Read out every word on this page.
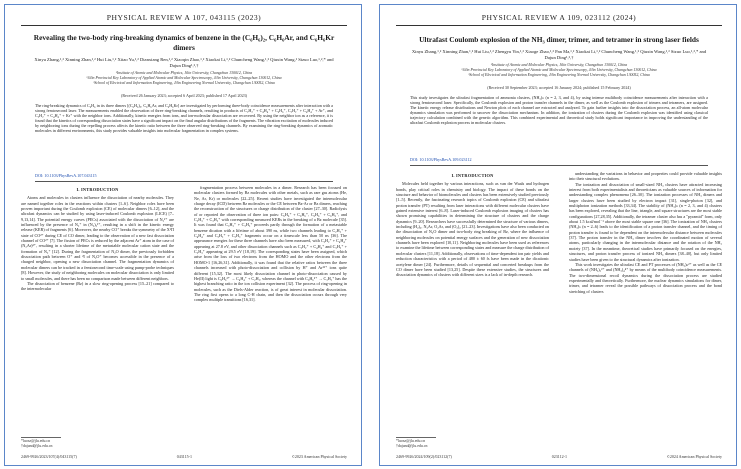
PHYSICAL REVIEW A 107, 043115 (2023)
Revealing the two-body ring-breaking dynamics of benzene in the (C₆H₆)₂, C₆H₆Ar, and C₆H₆Kr dimers
Xinyu Zhang,¹,² Xinning Zhan,¹,² Hui Liu,¹,² Xitao Yu,¹,² Dianxiang Ren,¹,² Xiaoqin Zhao,¹,² Xiaokai Li,¹,² Chuncheng Wang,¹,² Qiuxin Wang,¹ Sizuo Luo,¹,²,* and Dajun Ding¹,²,†
¹Institute of Atomic and Molecular Physics, Jilin University, Changchun 130012, China
²Jilin Provincial Key Laboratory of Applied Atomic and Molecular Spectroscopy, Jilin University, Changchun 130012, China
³School of Electrical and Information Engineering, Jilin Engineering Normal University, Changchun 130052, China
(Received 26 January 2023; accepted 6 April 2023; published 17 April 2023)
The ring-breaking dynamics of C₆H₆ in its three dimers [(C₆H₆)₂, C₆H₆Ar, and C₆H₆Kr] are investigated by performing three-body coincidence measurements after interaction with a strong femtosecond laser. The measurements enabled the observation of three ring-breaking channels, resulting in products of C₂H₂⁺ + C₄H₄⁺ + C₆H₆⁺, C₂H₂⁺ + C₄H₄⁺ + Ar⁺, and C₂H₂⁺ + C₄H₄⁺ + Kr⁺ with the neighbor ions. Additionally, kinetic energies from ions, and ion-molecular dissociation are recovered. By using the neighbor ion as a reference, it is found that the kinetics of corresponding dissociation states have a significant impact on the final angular distributions of the fragments. The vibration excitation of molecules induced by neighboring ions during the repelling process affects the kinetic ratio between the three observed ring-breaking channels. By examining the ring-breaking dynamics of aromatic molecules in different environments, this study provides valuable insights into molecular fragmentation in complex systems.
DOI: 10.1103/PhysRevA.107.043115
I. INTRODUCTION

Atoms and molecules in clusters influence the dissociation of nearby molecules. They are named together roles in the reactions within clusters [1–6]. Neighbor roles have been proven important during the Coulomb explosion (CE) of molecular dimers [6–12], and the ultrafast dynamics can be studied by using laser-induced Coulomb explosion (LICE) [7–9,13,14]. The potential energy curves (PECs) associated with the dissociation of N₂²⁺ are influenced by the presence of N₂⁺ in (N₂)₂³⁺, resulting in a shift in the kinetic energy release (KER) of fragments [6]. Moreover, the nearby CO⁺ breaks the symmetry of the X¹Π state of CO²⁺ during CE of CO dimer, leading to the observation of a new fast dissociation channel of CO²⁺ [7]. The fission of PECs is reduced by the adjacent Ar⁺ atom in the case of (N₂Ar)²⁺, resulting in a shorter lifetime of the metastable molecular cation state and the formation of N₂⁺ [12]. During the fragmentation of N₂O dimer, the previously forbidden dissociation path between O⁺ and ²I of N₂O⁺ becomes accessible in the presence of a charged neighbor, opening a new dissociation channel. The fragmentation dynamics of molecular dimers can be tracked in a femtosecond time-scale using pump-probe techniques [8]. However, the study of neighboring molecules on molecular dissociation is only limited to small molecules, and there has been no comparison made between different neighbors.

The dissociation of benzene (Bz) in a slow ring-opening process [15–21] compared to the intermolecular

*luosz@jlu.edu.cn
†dajund@jlu.edu.cn

fragmentation process between molecules in a dimer. Research has been focused on molecular clusters formed by Bz molecules with other metals, such as rare gas atoms (He, Ne, Ar, Kr) or molecules [22–25]. Recent studies have investigated the intermolecular charge decay (ICD) between Bz molecules or the CE between Bz-Ar or Bz dimers, reaching the reconstruction of the structures or charge distribution of the cluster [27–30]. Radiolysis of or reported the observation of three ion pairs: C₆H₆⁺ + C₆H₆⁺, C₆H₆⁺ + C₆H₆⁺, and C₃H₃⁺ + C₃H₃⁺ with corresponding measured KERs in the breaking of a Bz molecule [35]. It was found that C₃H₃⁺ + C₃H₃⁺ proceeds partly through the formation of a metastable benzene dication with a lifetime of about 390 ns, while two channels leading to C₂H₂⁺ + C₄H₄⁺ and C₃H₃⁺ + C₃H₃⁺ fragments occur on a timescale less than 50 ns [36]. The appearance energies for these three channels have also been measured, with C₂H₂⁺ + C₄H₄⁺ appearing at 27.8 eV, and other dissociation channels such as C₂H₂⁺ + C₄H₄⁺ and C₃H₃⁺ + C₃H₃⁺ appearing at 29.5 eV [18,19]. The corresponding states have been assigned, which arise from the loss of two electrons from the HOMO and the other electrons from the HOMO-1 [16,26,31]. Additionally, it was found that the relative ratios between the three channels increased with photo-dissociation and collision by H⁺ and Ar¹³⁺ ions quite different [15,32]. The most likely dissociation channel in photo-dissociation caused by He(II) light is C₆H₆²⁺ → C₄H₄⁺ + C₂H₂, whereas the channel with C₆H₆²⁺ → C₃H₃⁺ has the highest branching ratio in the ion collision experiment [32]. The process of ring-opening in molecules, such as the Diels-Alder reaction, is of great interest in molecular dissociation. The ring first opens to a long C-H chain, and then the dissociation occurs through very complex multiple transitions [16,31].

2469-9926/2023/107(4)/043115(7)	043115-1	©2023 American Physical Society
PHYSICAL REVIEW A 109, 023112 (2024)
Ultrafast Coulomb explosion of the NH₃ dimer, trimer, and tetramer in strong laser fields
Xinyu Zhang,¹,² Xinning Zhan,¹,² Hui Liu,¹,² Zhengyu Yin,¹,² Xiaoge Zhao,¹,² Pan Ma,¹,² Xiaokai Li,¹,² Chuncheng Wang,¹,² Qiuxin Wang,¹,³ Sizuo Luo,¹,²,* and Dajun Ding¹,²,†
¹Institute of Atomic and Molecular Physics, Jilin University, Changchun 130012, China
²Jilin Provincial Key Laboratory of Applied Atomic and Molecular Spectroscopy, Jilin University, Changchun 130012, China
³School of Electrical and Information Engineering, Jilin Engineering Normal University, Changchun 130052, China
(Received 30 September 2023; accepted 16 January 2024; published 15 February 2024)
This study investigates the ultrafast fragmentation of ammonia clusters, (NH₃)ₙ (n = 2, 3, and 4), by using intense multibody coincidence measurements after interaction with a strong femtosecond laser. Specifically, the Coulomb explosion and proton transfer channels in the dimer, as well as the Coulomb explosion of trimers and tetramers, are assigned. The kinetic energy release distributions and Newton plots of each channel are extracted and analyzed. To gain further insights into the dissociation process, an all-atom molecular dynamics simulation was performed to uncover the dissociation mechanism. In addition, the ionization of clusters during the Coulomb explosion was identified using classical trajectory calculation combined with the genetic algorithm. This combined experimental and theoretical study holds significant importance in improving the understanding of the ultrafast Coulomb explosion process in molecular clusters.
DOI: 10.1103/PhysRevA.109.023112
I. INTRODUCTION

Molecules held together by various interactions, such as van der Waals and hydrogen bonds, play critical roles in chemistry and biology. The impact of these bonds on the structure and behavior of biomolecules and clusters has been extensively studied previously [1–5]. Recently, the fascinating research topics of Coulomb explosion (CE) and ultrafast proton transfer (PT) resulting from laser interactions with different molecular clusters have gained extensive interest [6–8]. Laser-induced Coulomb explosion imaging of clusters has shown promising capabilities in determining the structure of clusters and the charge dynamics [9–20]. Researchers have successfully determined the structure of various dimers, including (H₂)₂, N₂Ar, O₂Ar, and (O₂)₂ [21–23]. Investigations have also been conducted on the dissociation of N₂O dimer and two-body ring breaking of Bz, where the influence of neighboring molecules on potential energy surfaces and the generation of new dissociation channels have been explored [10,11]. Neighboring molecules have been used as references to examine the lifetime between corresponding states and measure the charge distribution of molecular clusters [11,18]. Additionally, observations of time-dependent ion pair yields and reduction characteristics with a period of 480 ± 60 fs have been made in the dicationic acetylene dimer [24]. Furthermore, details of sequential and concerted breakups from the CO dimer have been studied [13,25]. Despite these extensive studies, the structures and dissociation dynamics of clusters with different sizes is a lack of in-depth research.

*luosz@jlu.edu.cn
†dajund@jlu.edu.cn

understanding the variations in behavior and properties could provide valuable insights into their structural evolutions.

The ionization and dissociation of small-sized NH₃ clusters have attracted increasing interest from both experimentalists and theoreticians as valuable sources of information for understanding complex phenomena [26–30]. The ionization processes of NH₃ dimers and larger clusters have been studied by electron impact [31], single-photon [32], and multiphoton ionization methods [33,34]. The stability of (NH₃)ₙ (n = 2, 3, and 4) clusters has been explored, revealing that the line, triangle, and square structures are the most stable configurations [27,28,35]. Additionally, the tetramer cluster also has a "pyramid" form, only about 1.5 kcal/mol⁻¹ above the most stable square one [36]. The ionization of NH₃ clusters (NH₃)ₙ (n = 2–6) leads to the identification of a proton transfer channel, and the timing of proton transfer is found to be dependent on the intermolecular distance between molecules [37]. The proton transfer in the NH₃ dimer involves the coordinated motion of several atoms, particularly changing in the intermolecular distance and the rotation of the NH₃ moiety [37]. In the meantime, theoretical studies have primarily focused on the energies, structures, and proton transfer process of ionized NH₃ dimers [38–40], but only limited studies have been given to the structural dynamics after ionization.

This work investigates the ultrafast CE and PT processes of (NH₃)ₙ²⁺ as well as the CE channels of (NH₃)₃³⁺ and (NH₃)₄⁴⁺ by means of the multibody coincidence measurements. The two-dimensional recoil dynamics during the dissociation process are studied experimentally and theoretically. Furthermore, the nuclear dynamics simulations for dimer, trimer, and tetramer reveal the possible pathways of dissociation process and the bond stretching of clusters

2469-9926/2024/109(2)/023112(7)	023112-1	©2024 American Physical Society
